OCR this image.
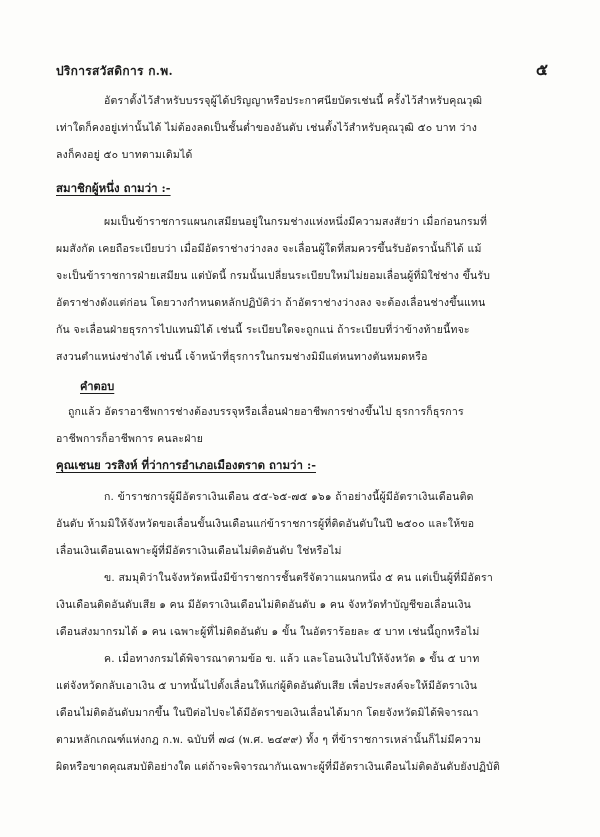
ปริการสวัสดิการ ก.พ.	๕
อัตราตั้งไว้สำหรับบรรจุผู้ได้ปริญญาหรือประกาศนียบัตรเช่นนี้ ครั้งไว้สำหรับคุณวุฒิ
เท่าใดก็คงอยู่เท่านั้นได้ ไม่ต้องลดเป็นชั้นต่ำของอันดับ เช่นตั้งไว้สำหรับคุณวุฒิ ๕๐ บาท ว่าง
ลงก็คงอยู่ ๕๐ บาทตามเดิมได้
สมาชิกผู้หนึ่ง ถามว่า :-
ผมเป็นข้าราชการแผนกเสมียนอยู่ในกรมช่างแห่งหนึ่งมีความสงสัยว่า เมื่อก่อนกรมที่
ผมสังกัด เคยถือระเบียบว่า เมื่อมีอัตราช่างว่างลง จะเลื่อนผู้ใดที่สมควรขึ้นรับอัตรานั้นก็ได้ แม้
จะเป็นข้าราชการฝ่ายเสมียน แต่บัดนี้ กรมนั้นเปลี่ยนระเบียบใหม่ไม่ยอมเลื่อนผู้ที่มิใช่ช่าง ขึ้นรับ
อัตราช่างดังแต่ก่อน โดยวางกำหนดหลักปฏิบัติว่า ถ้าอัตราช่างว่างลง จะต้องเลื่อนช่างขึ้นแทน
กัน จะเลื่อนฝ่ายธุรการไปแทนมิได้ เช่นนี้ ระเบียบใดจะถูกแน่ ถ้าระเบียบที่ว่าข้างท้ายนี้ทจะ
สงวนตำแหน่งช่างได้ เช่นนี้ เจ้าหน้าที่ธุรการในกรมช่างมิมีแต่หนทางตันหมดหรือ
คำตอบ
ถูกแล้ว อัตราอาชีพการช่างต้องบรรจุหรือเลื่อนฝ่ายอาชีพการช่างขึ้นไป ธุรการก็ธุรการ
อาชีพการก็อาชีพการ คนละฝ่าย
คุณเชนย วรสิงห์ ที่ว่าการอำเภอเมืองตราด ถามว่า :-
ก. ข้าราชการผู้มีอัตราเงินเดือน ๕๕-๖๕-๗๕ ๑๖๑ ถ้าอย่างนี้ผู้มีอัตราเงินเดือนติด
อันดับ ห้ามมิให้จังหวัดขอเลื่อนขั้นเงินเดือนแก่ข้าราชการผู้ที่ติดอันดับในปี ๒๕๐๐ และให้ขอ
เลื่อนเงินเดือนเฉพาะผู้ที่มีอัตราเงินเดือนไม่ติดอันดับ ใช่หรือไม่
ข. สมมุติว่าในจังหวัดหนึ่งมีข้าราชการชั้นตรีจัตวาแผนกหนึ่ง ๕ คน แต่เป็นผู้ที่มีอัตรา
เงินเดือนติดอันดับเสีย ๑ คน มีอัตราเงินเดือนไม่ติดอันดับ ๑ คน จังหวัดทำบัญชีขอเลื่อนเงิน
เดือนส่งมากรมได้ ๑ คน เฉพาะผู้ที่ไม่ติดอันดับ ๑ ขั้น ในอัตราร้อยละ ๕ บาท เช่นนี้ถูกหรือไม่
ค. เมื่อทางกรมได้พิจารณาตามข้อ ข. แล้ว และโอนเงินไปให้จังหวัด ๑ ขั้น ๕ บาท
แต่จังหวัดกลับเอาเงิน ๕ บาทนั้นไปตั้งเลื่อนให้แก่ผู้ติดอันดับเสีย เพื่อประสงค์จะให้มีอัตราเงิน
เดือนไม่ติดอันดับมากขึ้น ในปีต่อไปจะได้มีอัตราขอเงินเลื่อนได้มาก โดยจังหวัดมิได้พิจารณา
ตามหลักเกณฑ์แห่งกฎ ก.พ. ฉบับที่ ๗๘ (พ.ศ. ๒๔๙๙) ทั้ง ๆ ที่ข้าราชการเหล่านั้นก็ไม่มีความ
ผิดหรือขาดคุณสมบัติอย่างใด แต่ถ้าจะพิจารณากันเฉพาะผู้ที่มีอัตราเงินเดือนไม่ติดอันดับยังปฏิบัติ
